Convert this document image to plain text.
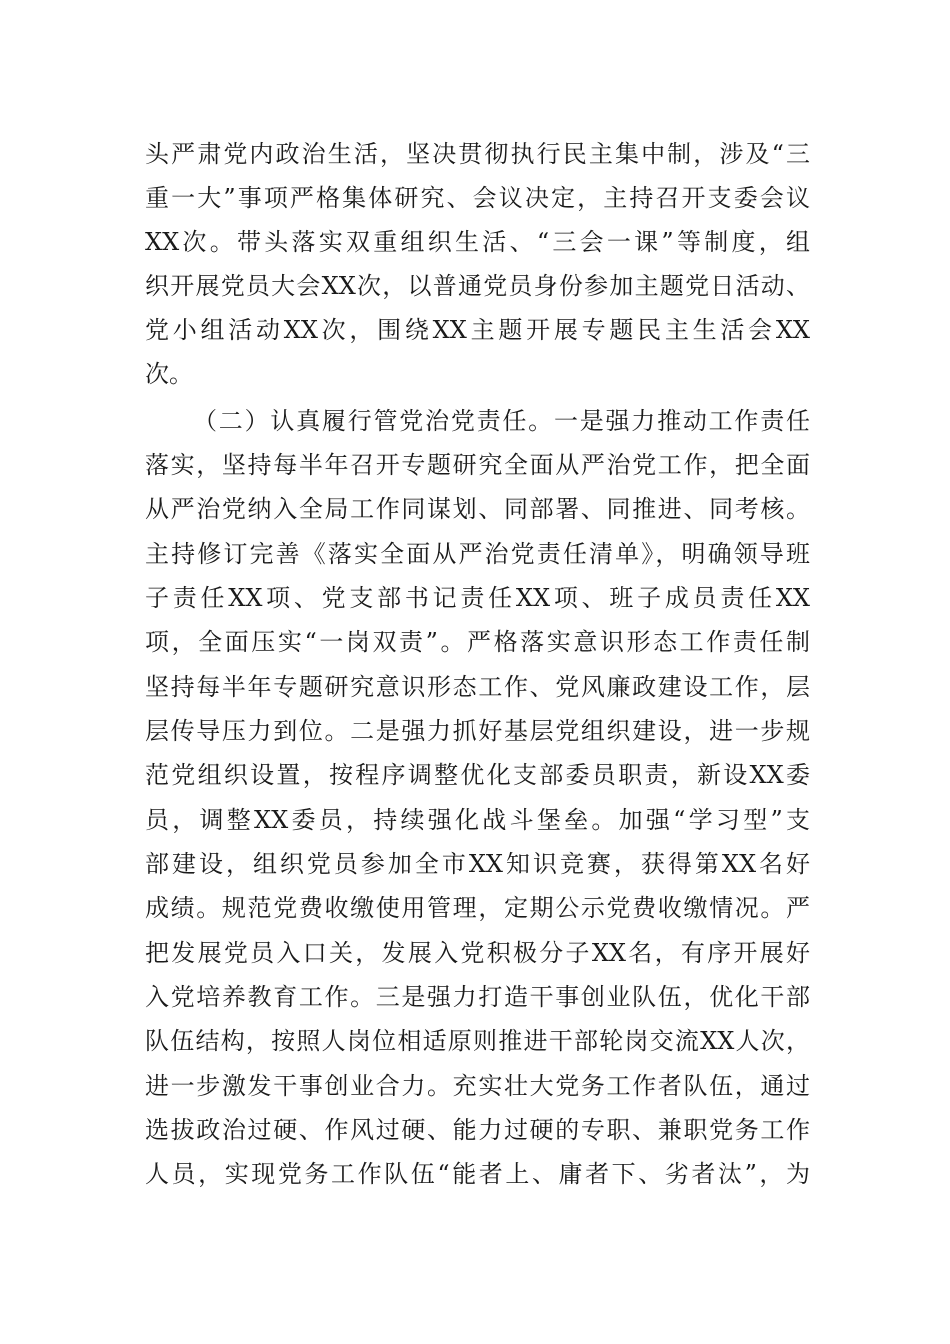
头严肃党内政治生活，坚决贯彻执行民主集中制，涉及“三
重一大”事项严格集体研究、会议决定，主持召开支委会议
XX次。带头落实双重组织生活、“三会一课”等制度，组
织开展党员大会XX次，以普通党员身份参加主题党日活动、
党小组活动XX次，围绕XX主题开展专题民主生活会XX
次。
（二）认真履行管党治党责任。一是强力推动工作责任
落实，坚持每半年召开专题研究全面从严治党工作，把全面
从严治党纳入全局工作同谋划、同部署、同推进、同考核。
主持修订完善《落实全面从严治党责任清单》，明确领导班
子责任XX项、党支部书记责任XX项、班子成员责任XX
项，全面压实“一岗双责”。严格落实意识形态工作责任制
坚持每半年专题研究意识形态工作、党风廉政建设工作，层
层传导压力到位。二是强力抓好基层党组织建设，进一步规
范党组织设置，按程序调整优化支部委员职责，新设XX委
员，调整XX委员，持续强化战斗堡垒。加强“学习型”支
部建设，组织党员参加全市XX知识竞赛，获得第XX名好
成绩。规范党费收缴使用管理，定期公示党费收缴情况。严
把发展党员入口关，发展入党积极分子XX名，有序开展好
入党培养教育工作。三是强力打造干事创业队伍，优化干部
队伍结构，按照人岗位相适原则推进干部轮岗交流XX人次，
进一步激发干事创业合力。充实壮大党务工作者队伍，通过
选拔政治过硬、作风过硬、能力过硬的专职、兼职党务工作
人员，实现党务工作队伍“能者上、庸者下、劣者汰”，为
